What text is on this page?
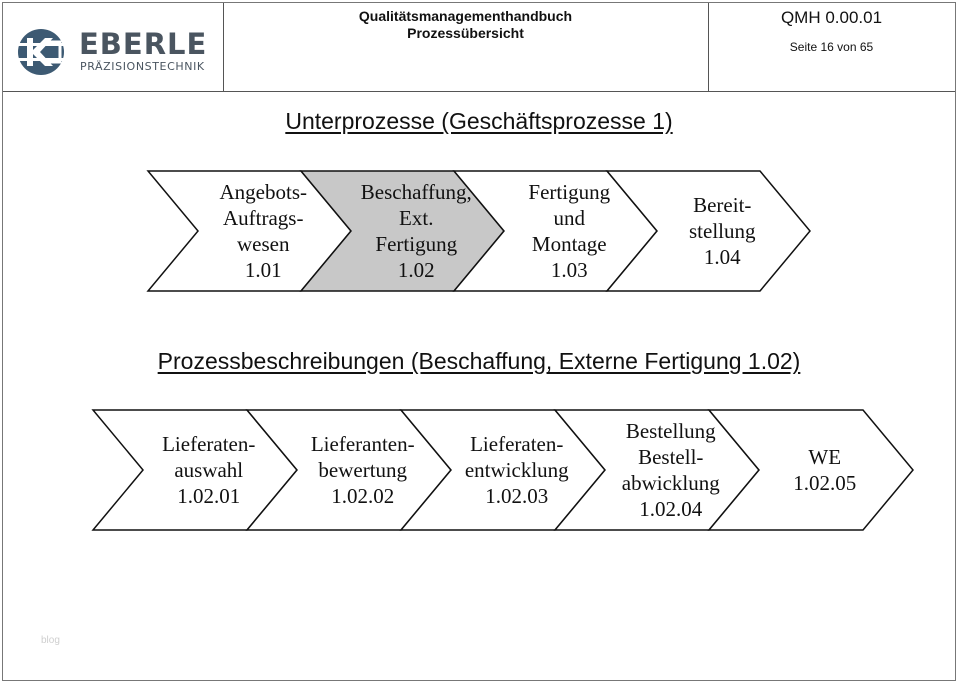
EBERLE
PRÄZISIONSTECHNIK
Qualitätsmanagementhandbuch
Prozessübersicht
QMH 0.00.01
Seite 16 von 65
Unterprozesse (Geschäftsprozesse 1)
Prozessbeschreibungen (Beschaffung, Externe Fertigung 1.02)
Angebots-
Auftrags-
wesen
1.01
Beschaffung,
Ext.
Fertigung
1.02
Fertigung
und
Montage
1.03
Bereit-
stellung
1.04
Lieferaten-
auswahl
1.02.01
Lieferanten-
bewertung
1.02.02
Lieferaten-
entwicklung
1.02.03
Bestellung
Bestell-
abwicklung
1.02.04
WE
1.02.05
blog
